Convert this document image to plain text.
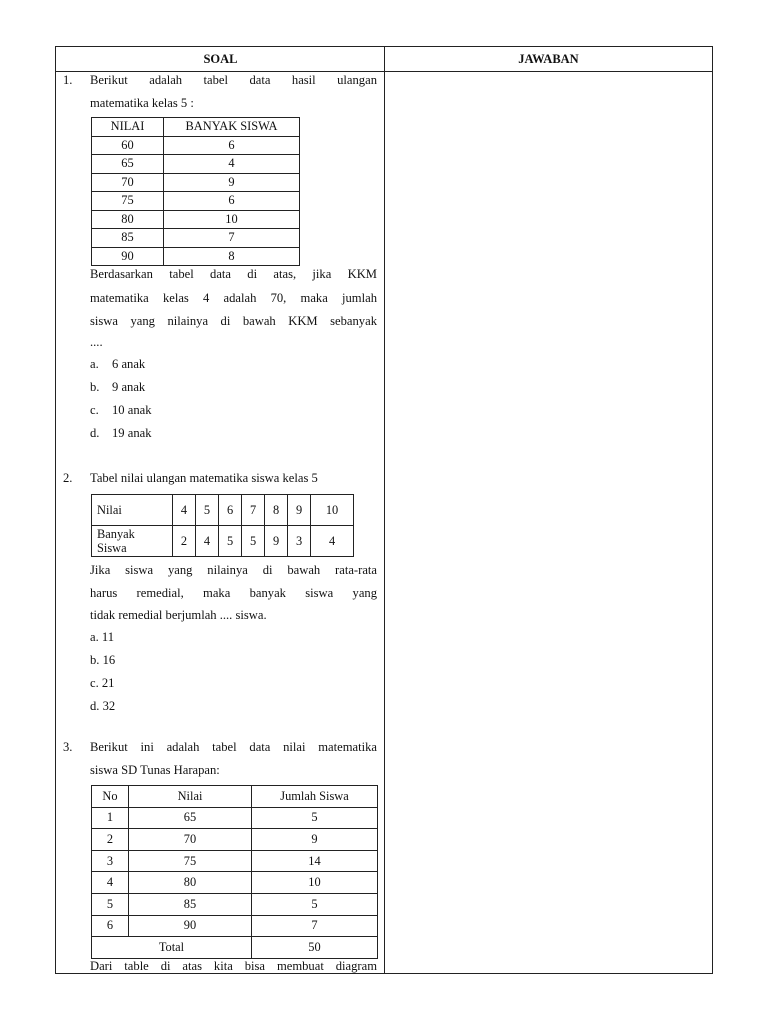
SOAL	JAWABAN
1. Berikut adalah tabel data hasil ulangan
matematika kelas 5 :
NILAI	BANYAK SISWA
60	6
65	4
70	9
75	6
80	10
85	7
90	8
Berdasarkan tabel data di atas, jika KKM
matematika kelas 4 adalah 70, maka jumlah
siswa yang nilainya di bawah KKM sebanyak
....
a. 6 anak
b. 9 anak
c. 10 anak
d. 19 anak
2. Tabel nilai ulangan matematika siswa kelas 5
Nilai	4	5	6	7	8	9	10
Banyak
Siswa	2	4	5	5	9	3	4
Jika siswa yang nilainya di bawah rata-rata
harus remedial, maka banyak siswa yang
tidak remedial berjumlah .... siswa.
a. 11
b. 16
c. 21
d. 32
3. Berikut ini adalah tabel data nilai matematika
siswa SD Tunas Harapan:
No	Nilai	Jumlah Siswa
1	65	5
2	70	9
3	75	14
4	80	10
5	85	5
6	90	7
Total		50
Dari table di atas kita bisa membuat diagram
